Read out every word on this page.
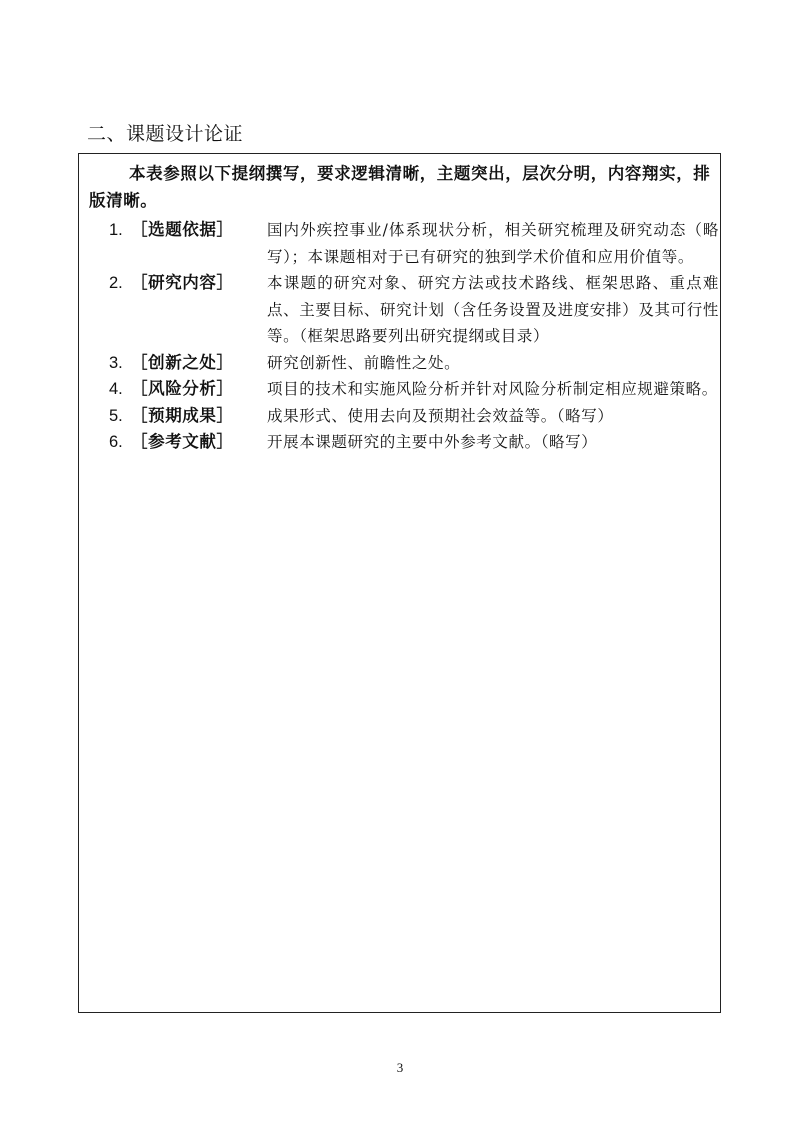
二、课题设计论证

本表参照以下提纲撰写，要求逻辑清晰，主题突出，层次分明，内容翔实，排版清晰。

1. ［选题依据］	国内外疾控事业/体系现状分析，相关研究梳理及研究动态（略写）；本课题相对于已有研究的独到学术价值和应用价值等。
2. ［研究内容］	本课题的研究对象、研究方法或技术路线、框架思路、重点难点、主要目标、研究计划（含任务设置及进度安排）及其可行性等。（框架思路要列出研究提纲或目录）
3. ［创新之处］	研究创新性、前瞻性之处。
4. ［风险分析］	项目的技术和实施风险分析并针对风险分析制定相应规避策略。
5. ［预期成果］	成果形式、使用去向及预期社会效益等。（略写）
6. ［参考文献］	开展本课题研究的主要中外参考文献。（略写）
3
